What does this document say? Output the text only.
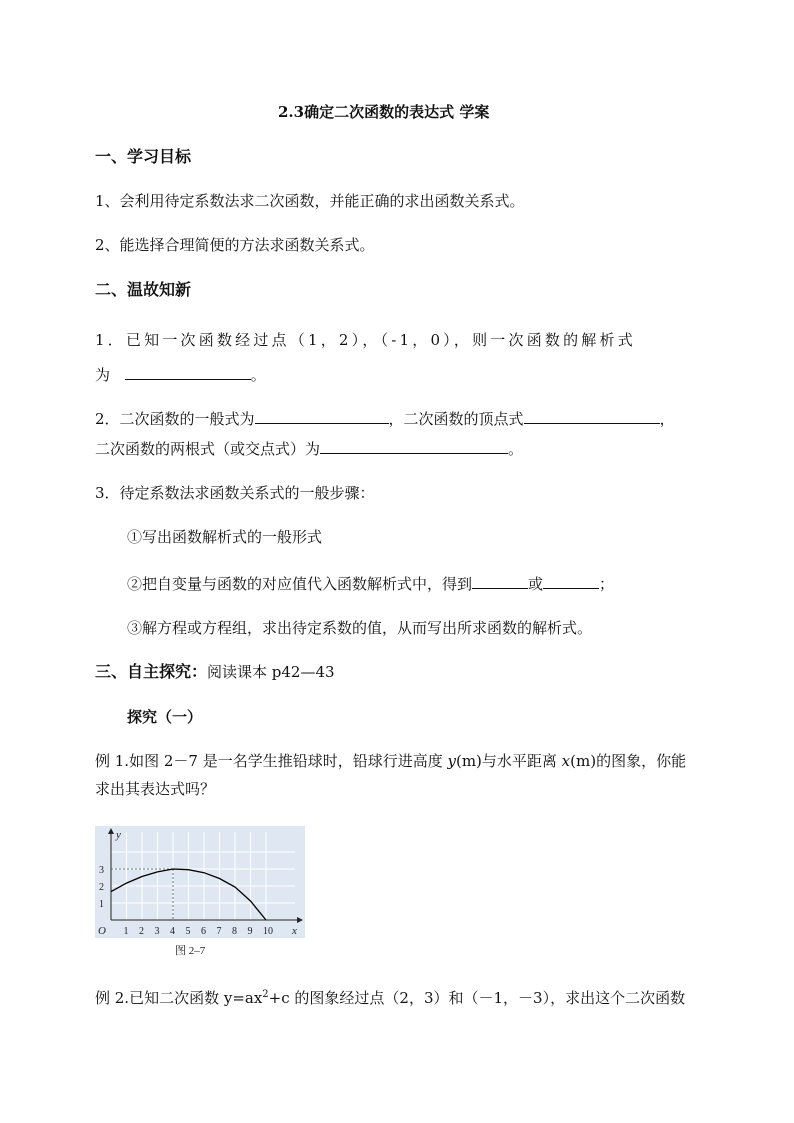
2.3确定二次函数的表达式 学案
一、学习目标
1、会利用待定系数法求二次函数，并能正确的求出函数关系式。
2、能选择合理简便的方法求函数关系式。
二、温故知新
1．已知一次函数经过点（1，2），（-1，0），则一次函数的解析式
为	。
2．二次函数的一般式为	，二次函数的顶点式	，
二次函数的两根式（或交点式）为	。
3．待定系数法求函数关系式的一般步骤：
①写出函数解析式的一般形式
②把自变量与函数的对应值代入函数解析式中，得到	或	；
③解方程或方程组，求出待定系数的值，从而写出所求函数的解析式。
三、自主探究：阅读课本 p42—43
探究（一）
例 1.如图 2－7 是一名学生推铅球时，铅球行进高度 y(m)与水平距离 x(m)的图象，你能
求出其表达式吗？
1 2 3 4 5 6 7 8 9 10
1
2
3
O
y
x
图 2–7
例 2.已知二次函数 $y=ax^2+c$ 的图象经过点（2，3）和（－1，－3），求出这个二次函数
